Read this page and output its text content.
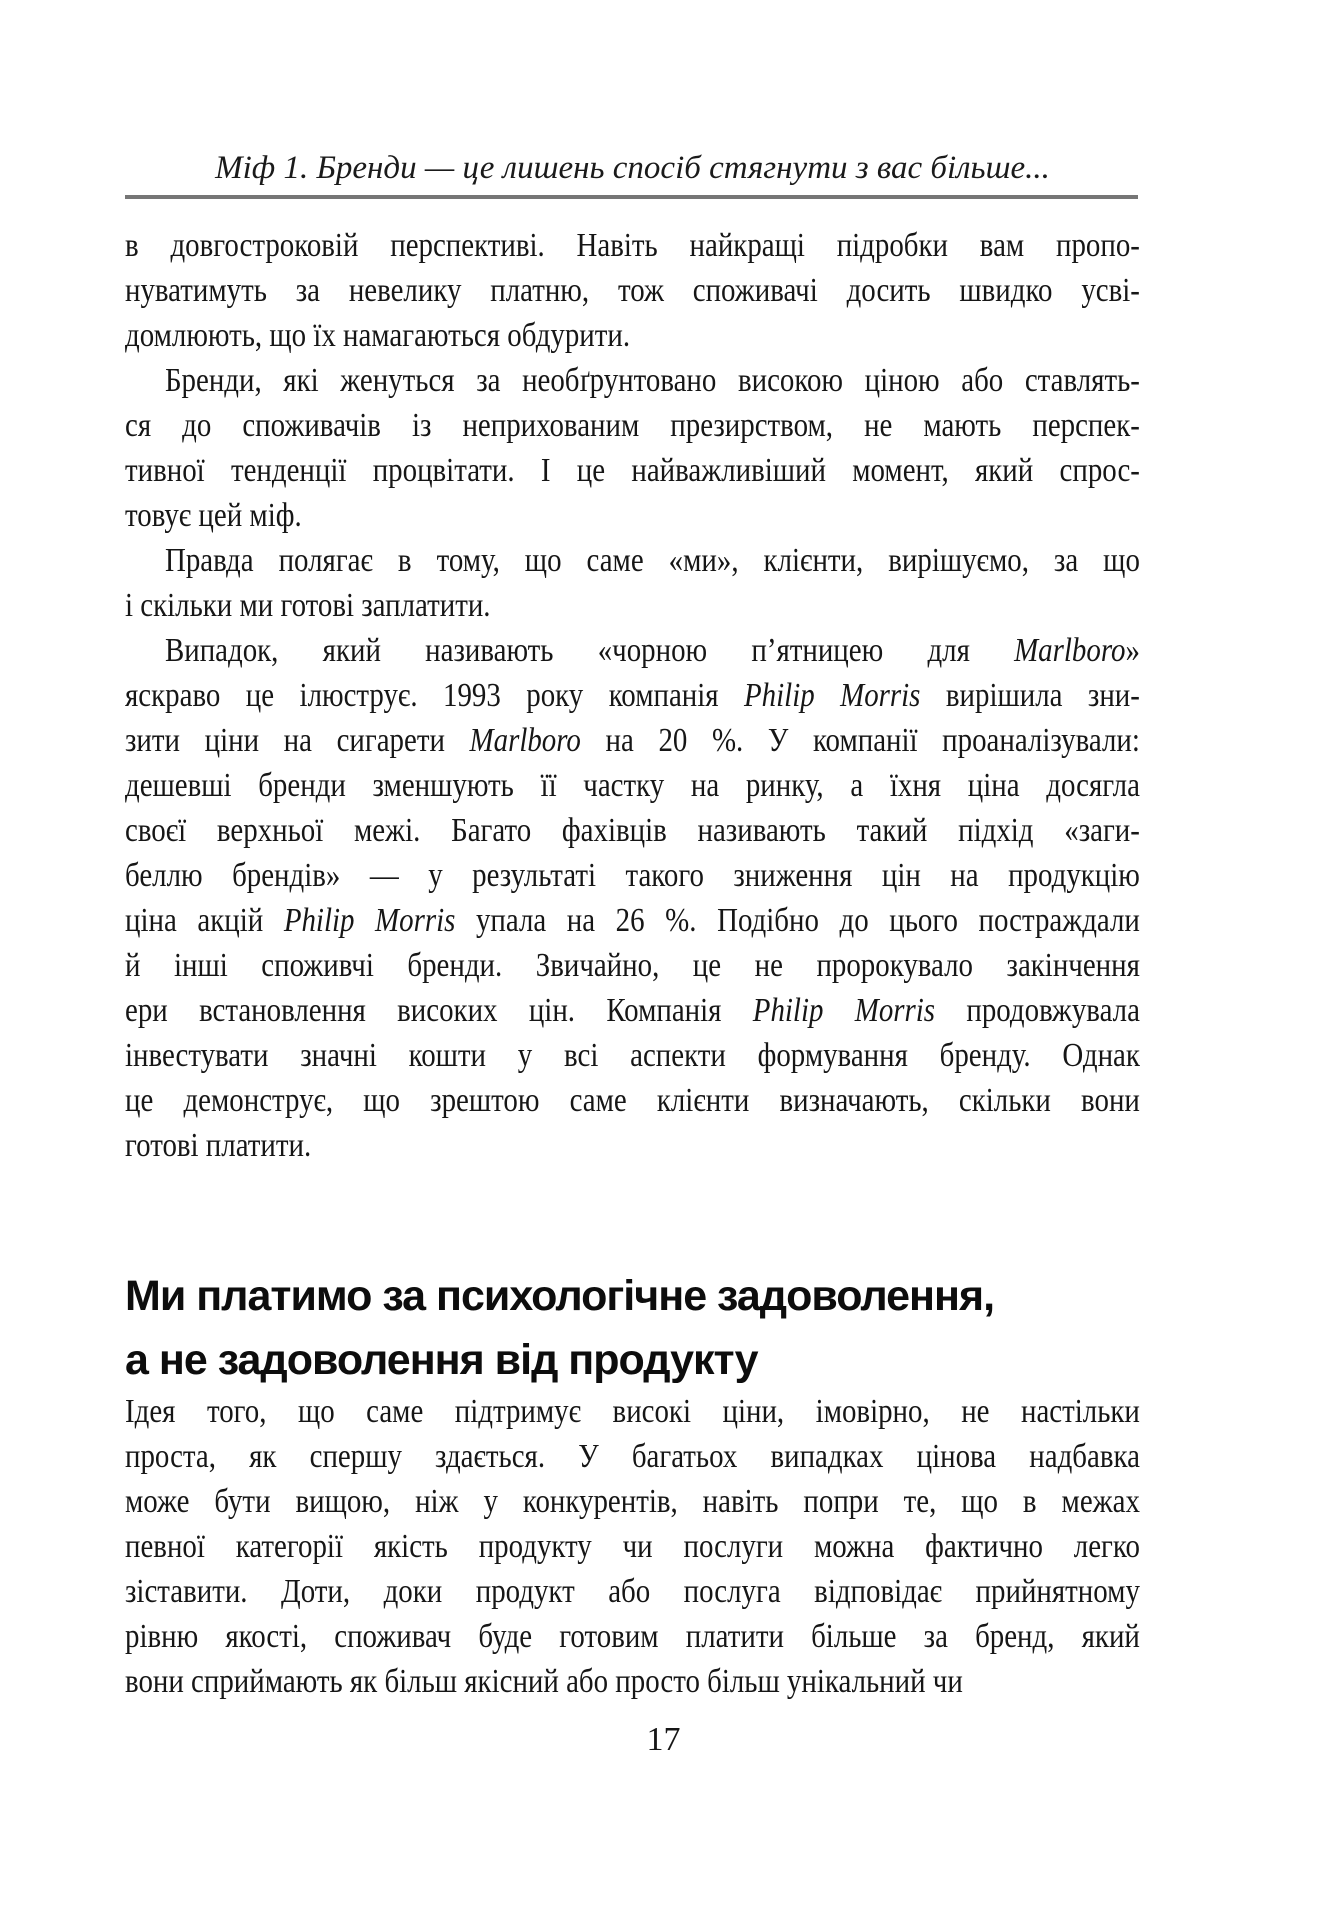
Міф 1. Бренди — це лишень спосіб стягнути з вас більше...
в довгостроковій перспективі. Навіть найкращі підробки вам пропо-
нуватимуть за невелику платню, тож споживачі досить швидко усві-
домлюють, що їх намагаються обдурити.
Бренди, які женуться за необґрунтовано високою ціною або ставлять-
ся до споживачів із неприхованим презирством, не мають перспек-
тивної тенденції процвітати. І це найважливіший момент, який спрос-
товує цей міф.
Правда полягає в тому, що саме «ми», клієнти, вирішуємо, за що
і скільки ми готові заплатити.
Випадок, який називають «чорною п’ятницею для Marlboro»
яскраво це ілюструє. 1993 року компанія Philip Morris вирішила зни-
зити ціни на сигарети Marlboro на 20 %. У компанії проаналізували:
дешевші бренди зменшують її частку на ринку, а їхня ціна досягла
своєї верхньої межі. Багато фахівців називають такий підхід «заги-
беллю брендів» — у результаті такого зниження цін на продукцію
ціна акцій Philip Morris упала на 26 %. Подібно до цього постраждали
й інші споживчі бренди. Звичайно, це не пророкувало закінчення
ери встановлення високих цін. Компанія Philip Morris продовжувала
інвестувати значні кошти у всі аспекти формування бренду. Однак
це демонструє, що зрештою саме клієнти визначають, скільки вони
готові платити.
Ми платимо за психологічне задоволення,
а не задоволення від продукту
Ідея того, що саме підтримує високі ціни, імовірно, не настільки
проста, як спершу здається. У багатьох випадках цінова надбавка
може бути вищою, ніж у конкурентів, навіть попри те, що в межах
певної категорії якість продукту чи послуги можна фактично легко
зіставити. Доти, доки продукт або послуга відповідає прийнятному
рівню якості, споживач буде готовим платити більше за бренд, який
вони сприймають як більш якісний або просто більш унікальний чи
17
